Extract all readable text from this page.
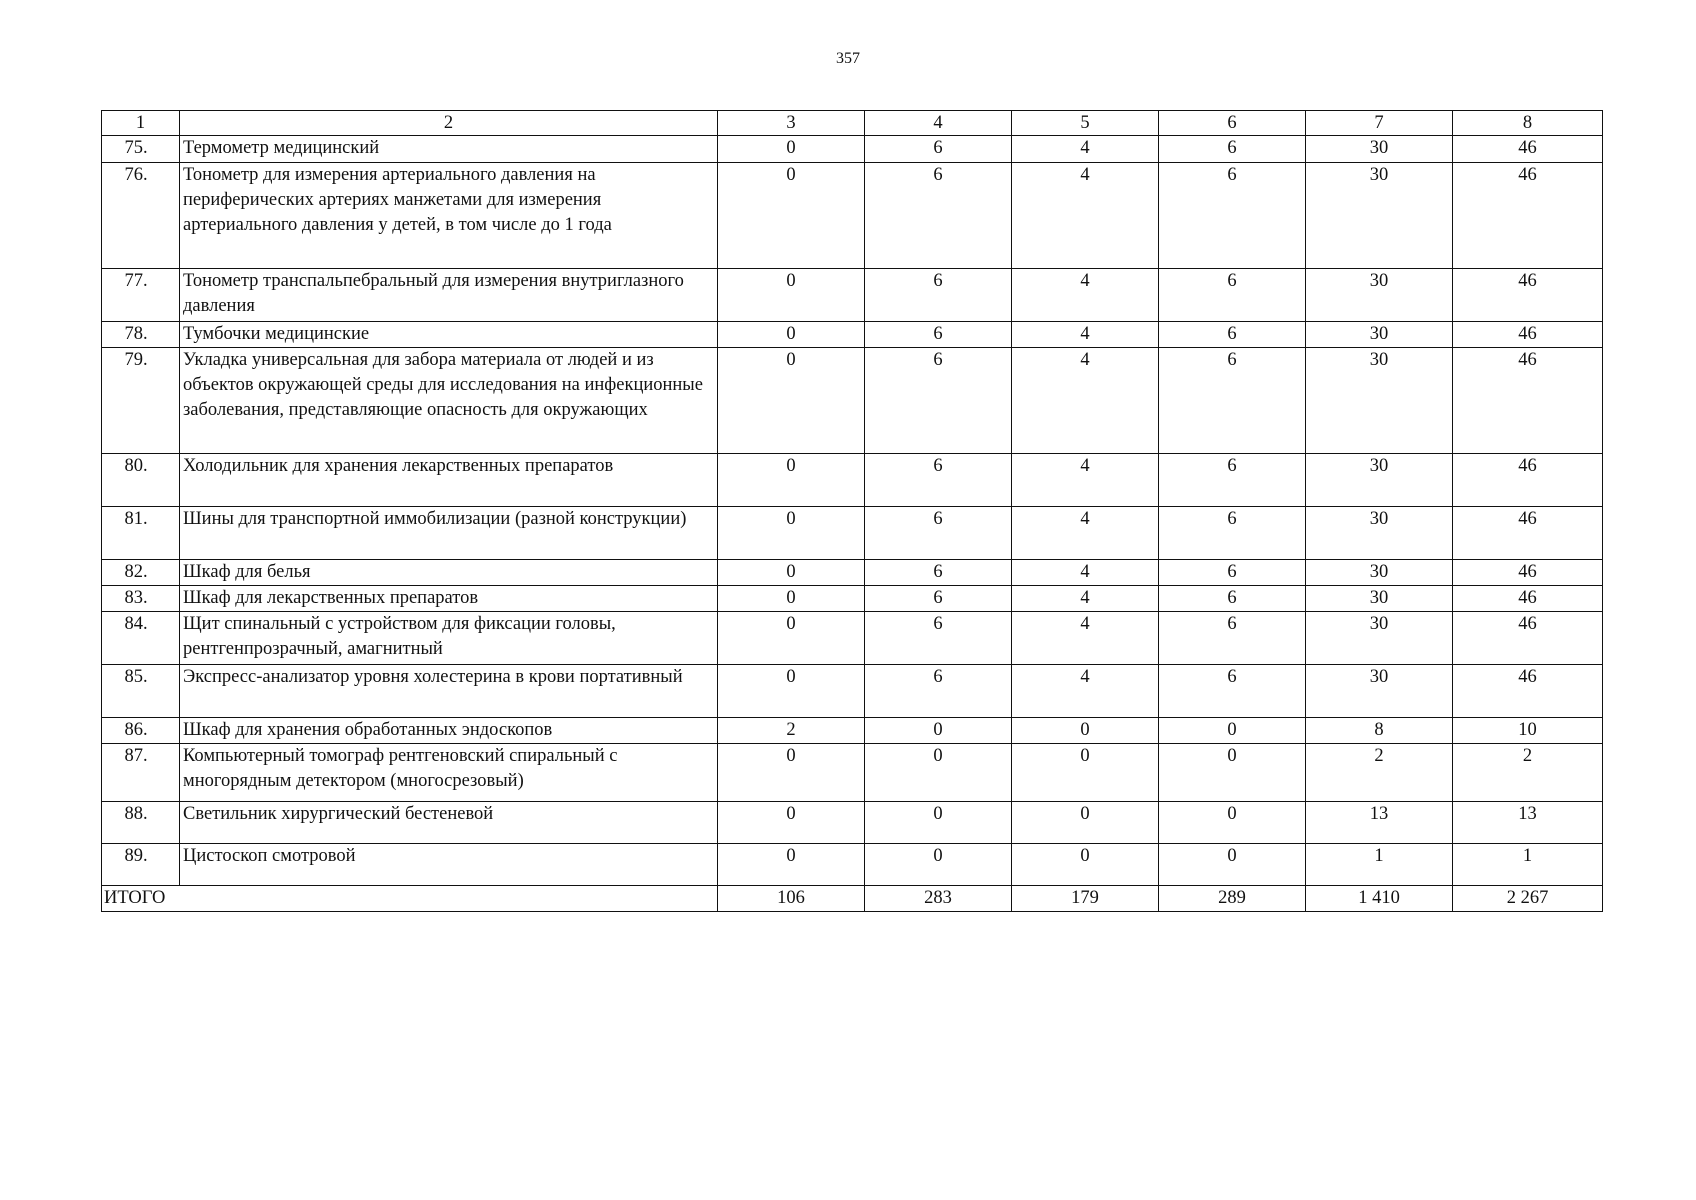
357
1	2	3	4	5	6	7	8
75.	Термометр медицинский	0	6	4	6	30	46
76.	Тонометр для измерения артериального давления на периферических артериях манжетами для измерения артериального давления у детей, в том числе до 1 года	0	6	4	6	30	46
77.	Тонометр транспальпебральный для измерения внутриглазного давления	0	6	4	6	30	46
78.	Тумбочки медицинские	0	6	4	6	30	46
79.	Укладка универсальная для забора материала от людей и из объектов окружающей среды для исследования на инфекционные заболевания, представляющие опасность для окружающих	0	6	4	6	30	46
80.	Холодильник для хранения лекарственных препаратов	0	6	4	6	30	46
81.	Шины для транспортной иммобилизации (разной конструкции)	0	6	4	6	30	46
82.	Шкаф для белья	0	6	4	6	30	46
83.	Шкаф для лекарственных препаратов	0	6	4	6	30	46
84.	Щит спинальный с устройством для фиксации головы, рентгенпрозрачный, амагнитный	0	6	4	6	30	46
85.	Экспресс-анализатор уровня холестерина в крови портативный	0	6	4	6	30	46
86.	Шкаф для хранения обработанных эндоскопов	2	0	0	0	8	10
87.	Компьютерный томограф рентгеновский спиральный с многорядным детектором (многосрезовый)	0	0	0	0	2	2
88.	Светильник хирургический бестеневой	0	0	0	0	13	13
89.	Цистоскоп смотровой	0	0	0	0	1	1
ИТОГО		106	283	179	289	1 410	2 267
